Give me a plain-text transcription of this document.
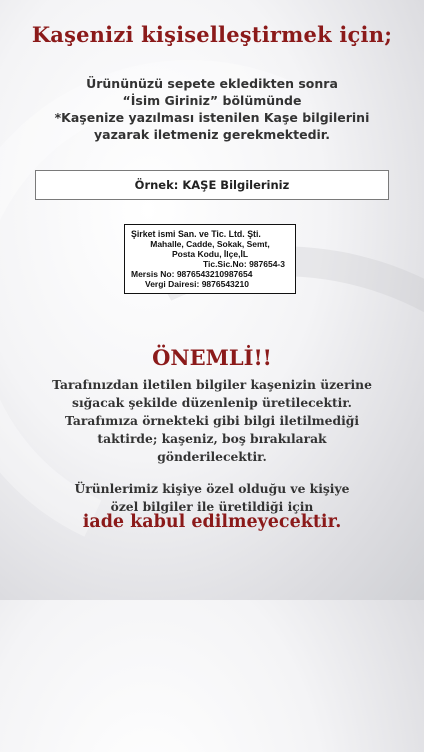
Kaşenizi kişiselleştirmek için;
Ürününüzü sepete ekledikten sonra
“İsim Giriniz” bölümünde
*Kaşenize yazılması istenilen Kaşe bilgilerini
yazarak iletmeniz gerekmektedir.
Örnek: KAŞE Bilgileriniz
Şirket ismi San. ve Tic. Ltd. Şti.
Mahalle, Cadde, Sokak, Semt,
Posta Kodu, İlçe,İL
Tic.Sic.No: 987654-3
Mersis No: 9876543210987654
Vergi Dairesi: 9876543210
ÖNEMLİ!!
Tarafınızdan iletilen bilgiler kaşenizin üzerine
sığacak şekilde düzenlenip üretilecektir.
Tarafımıza örnekteki gibi bilgi iletilmediği
taktirde; kaşeniz, boş bırakılarak
gönderilecektir.
Ürünlerimiz kişiye özel olduğu ve kişiye
özel bilgiler ile üretildiği için
iade kabul edilmeyecektir.
